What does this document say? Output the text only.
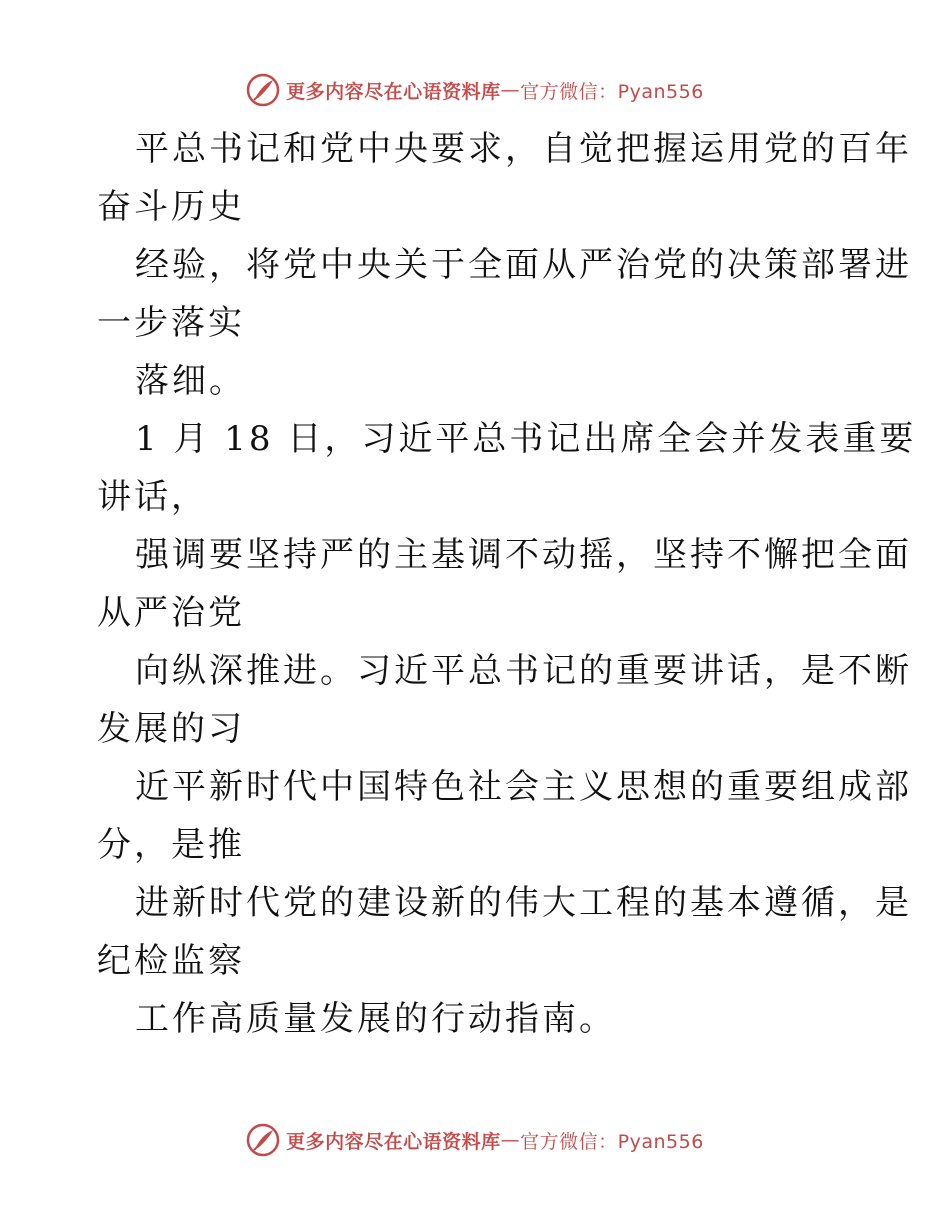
更多内容尽在心语资料库 — 官方微信：Pyan556
平总书记和党中央要求，自觉把握运用党的百年
奋斗历史
经验，将党中央关于全面从严治党的决策部署进
一步落实
落细。
1 月 18 日，习近平总书记出席全会并发表重要
讲话，
强调要坚持严的主基调不动摇，坚持不懈把全面
从严治党
向纵深推进。习近平总书记的重要讲话，是不断
发展的习
近平新时代中国特色社会主义思想的重要组成部
分，是推
进新时代党的建设新的伟大工程的基本遵循，是
纪检监察
工作高质量发展的行动指南。
更多内容尽在心语资料库 — 官方微信：Pyan556
